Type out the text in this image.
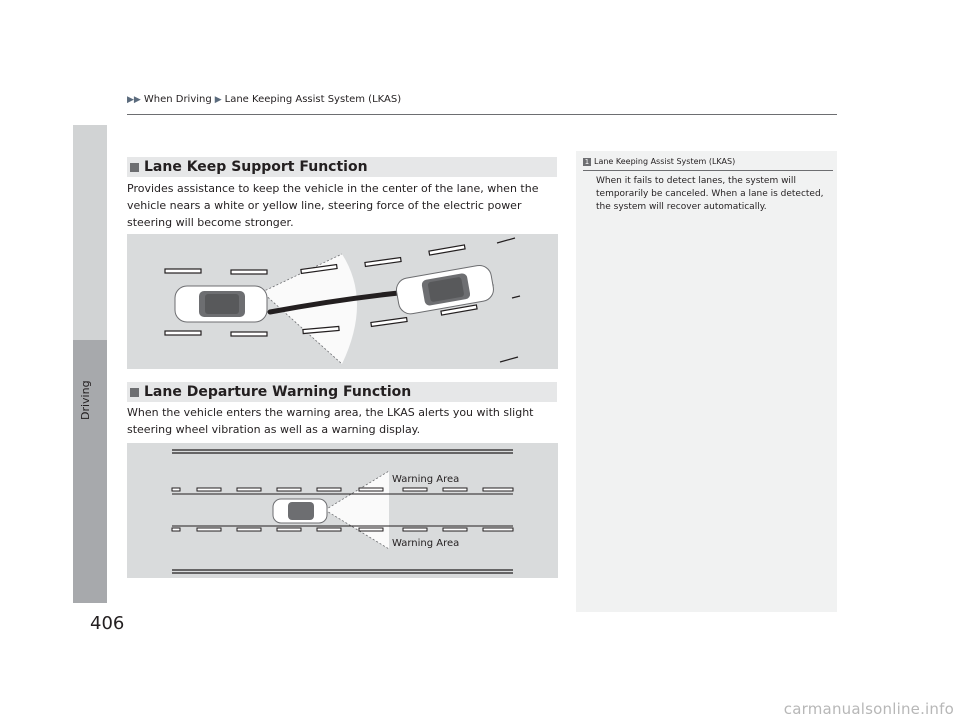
Driving
▶▶ When Driving ▶ Lane Keeping Assist System (LKAS)
Lane Keep Support Function
Provides assistance to keep the vehicle in the center of the lane, when the vehicle nears a white or yellow line, steering force of the electric power steering will become stronger.
Lane Departure Warning Function
When the vehicle enters the warning area, the LKAS alerts you with slight steering wheel vibration as well as a warning display.
Warning Area
Warning Area
1 Lane Keeping Assist System (LKAS)
When it fails to detect lanes, the system will temporarily be canceled. When a lane is detected, the system will recover automatically.
406
carmanualsonline.info
